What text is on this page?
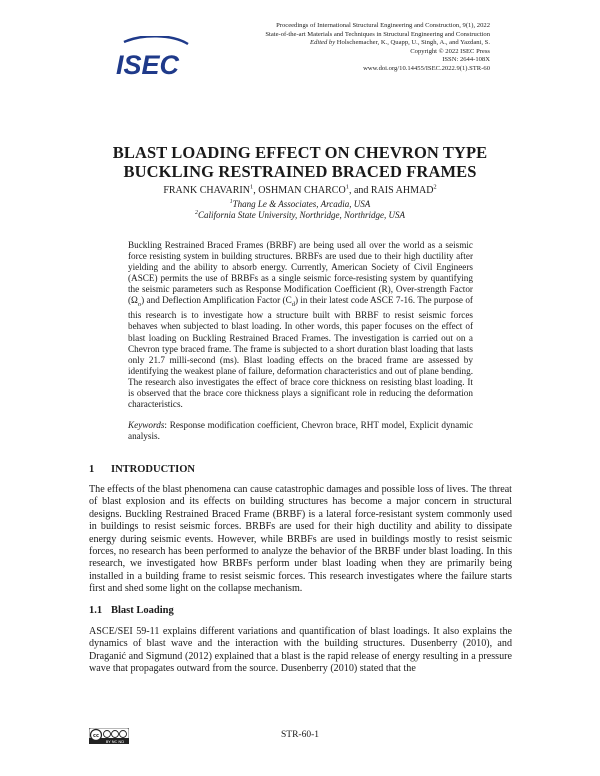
ISEC
Proceedings of International Structural Engineering and Construction, 9(1), 2022
State-of-the-art Materials and Techniques in Structural Engineering and Construction
Edited by Holschemacher, K., Quapp, U., Singh, A., and Yazdani, S.
Copyright © 2022 ISEC Press
ISSN: 2644-108X
www.doi.org/10.14455/ISEC.2022.9(1).STR-60
BLAST LOADING EFFECT ON CHEVRON TYPE
BUCKLING RESTRAINED BRACED FRAMES
FRANK CHAVARIN$^1$, OSHMAN CHARCO$^1$, and RAIS AHMAD$^2$
$^1$Thang Le & Associates, Arcadia, USA
$^2$California State University, Northridge, Northridge, USA
Buckling Restrained Braced Frames (BRBF) are being used all over the world as a seismic force resisting system in building structures. BRBFs are used due to their high ductility after yielding and the ability to absorb energy. Currently, American Society of Civil Engineers (ASCE) permits the use of BRBFs as a single seismic force-resisting system by quantifying the seismic parameters such as Response Modification Coefficient (R), Over-strength Factor $(\Omega_o)$ and Deflection Amplification Factor $(C_d)$ in their latest code ASCE 7-16. The purpose of this research is to investigate how a structure built with BRBF to resist seismic forces behaves when subjected to blast loading. In other words, this paper focuses on the effect of blast loading on Buckling Restrained Braced Frames. The investigation is carried out on a Chevron type braced frame. The frame is subjected to a short duration blast loading that lasts only 21.7 milli-second (ms). Blast loading effects on the braced frame are assessed by identifying the weakest plane of failure, deformation characteristics and out of plane bending. The research also investigates the effect of brace core thickness on resisting blast loading. It is observed that the brace core thickness plays a significant role in reducing the deformation characteristics.
Keywords: Response modification coefficient, Chevron brace, RHT model, Explicit dynamic analysis.
1 INTRODUCTION
The effects of the blast phenomena can cause catastrophic damages and possible loss of lives. The threat of blast explosion and its effects on building structures has become a major concern in structural designs. Buckling Restrained Braced Frame (BRBF) is a lateral force-resistant system commonly used in buildings to resist seismic forces. BRBFs are used for their high ductility and ability to dissipate energy during seismic events. However, while BRBFs are used in buildings mostly to resist seismic forces, no research has been performed to analyze the behavior of the BRBF under blast loading. In this research, we investigated how BRBFs perform under blast loading when they are primarily being installed in a building frame to resist seismic forces. This research investigates where the failure starts first and shed some light on the collapse mechanism.
1.1 Blast Loading
ASCE/SEI 59-11 explains different variations and quantification of blast loadings. It also explains the dynamics of blast wave and the interaction with the building structures. Dusenberry (2010), and Draganić and Sigmund (2012) explained that a blast is the rapid release of energy resulting in a pressure wave that propagates outward from the source. Dusenberry (2010) stated that the
cc
BY NC ND
STR-60-1
